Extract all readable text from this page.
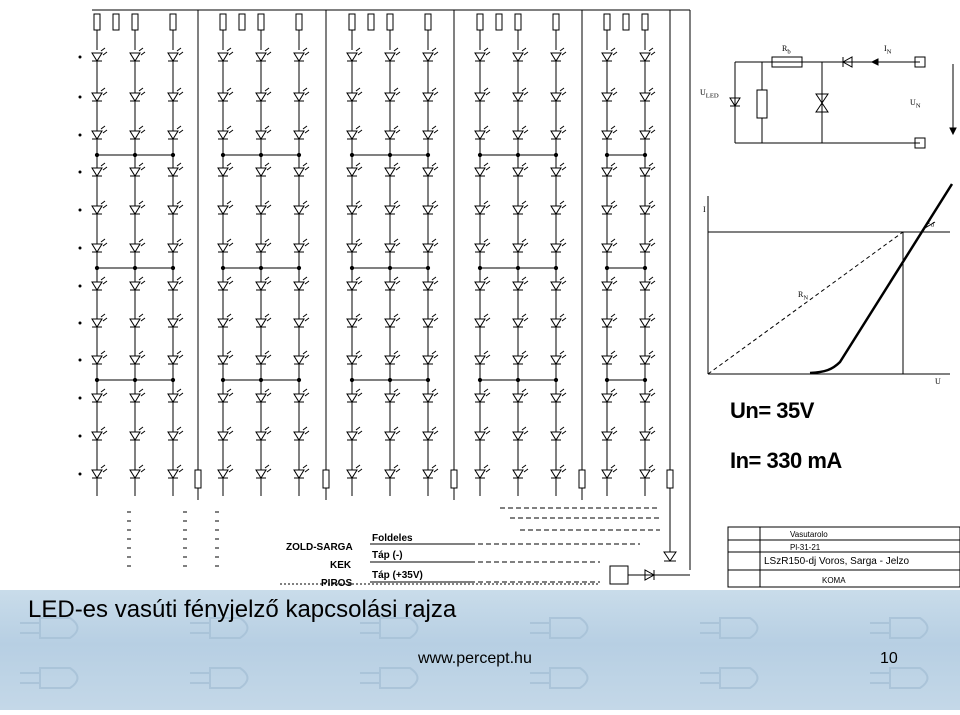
Un= 35V
In= 330 mA
I
U
$r_d$
$R_N$
$R_b$	$I_N$
$U_{LED}$
$U_N$
Foldeles
Táp (-)
Táp (+35V)
ZOLD-SARGA
KEK
PIROS
Vasutarolo
Pl-31-21
LSzR150-dj Voros, Sarga - Jelzo
KOMA
LED-es vasúti fényjelző kapcsolási rajza
www.percept.hu	10
